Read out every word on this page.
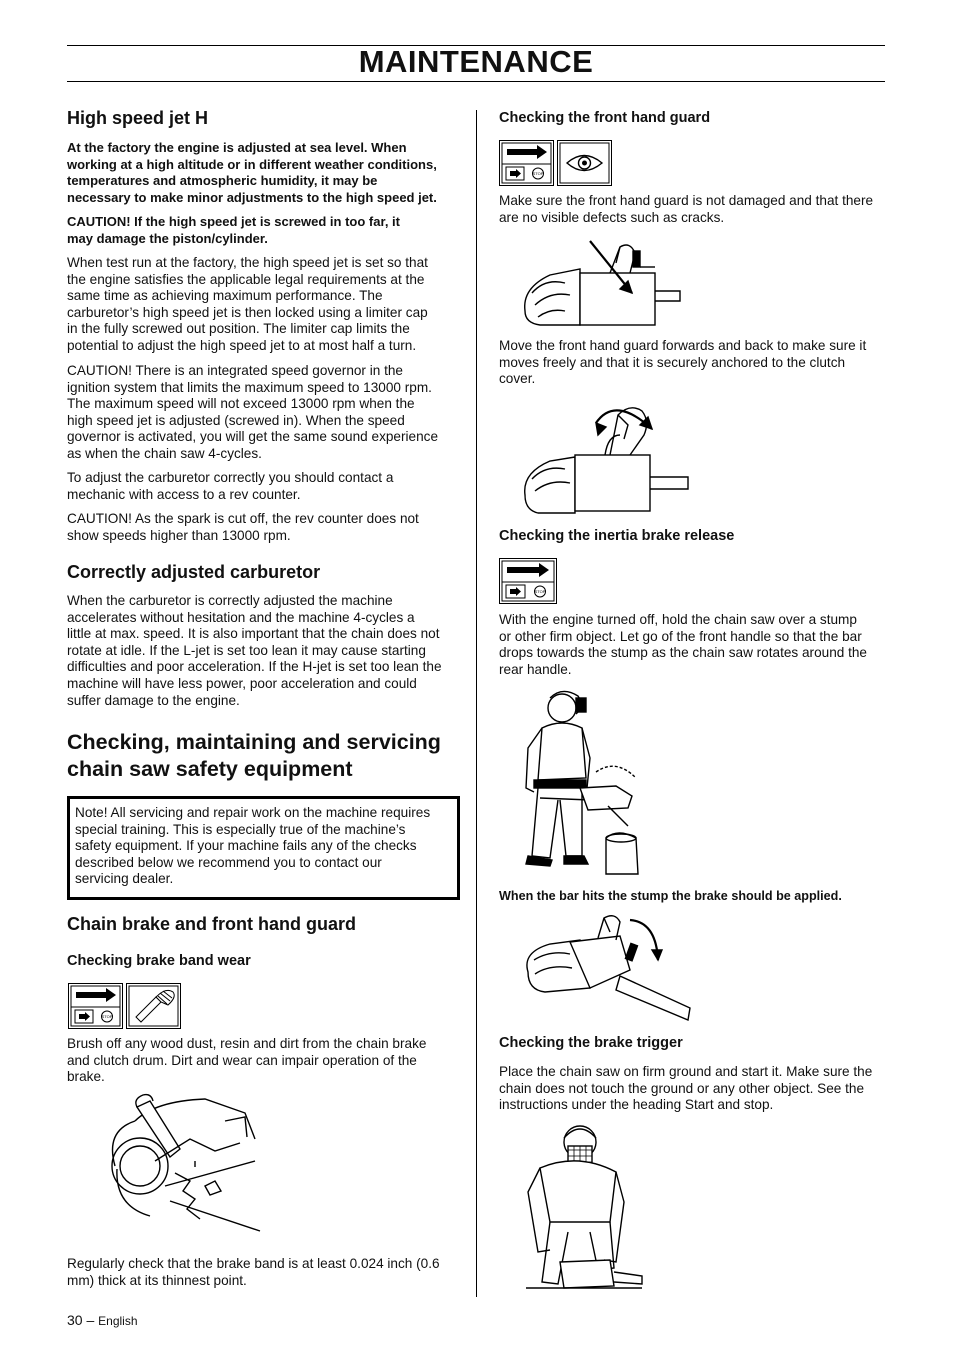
MAINTENANCE
High speed jet H
At the factory the engine is adjusted at sea level. When
working at a high altitude or in different weather conditions,
temperatures and atmospheric humidity, it may be
necessary to make minor adjustments to the high speed jet.
CAUTION! If the high speed jet is screwed in too far, it
may damage the piston/cylinder.
When test run at the factory, the high speed jet is set so that
the engine satisfies the applicable legal requirements at the
same time as achieving maximum performance. The
carburetor’s high speed jet is then locked using a limiter cap
in the fully screwed out position. The limiter cap limits the
potential to adjust the high speed jet to at most half a turn.
CAUTION! There is an integrated speed governor in the
ignition system that limits the maximum speed to 13000 rpm.
The maximum speed will not exceed 13000 rpm when the
high speed jet is adjusted (screwed in). When the speed
governor is activated, you will get the same sound experience
as when the chain saw 4-cycles.
To adjust the carburetor correctly you should contact a
mechanic with access to a rev counter.
CAUTION! As the spark is cut off, the rev counter does not
show speeds higher than 13000 rpm.
Correctly adjusted carburetor
When the carburetor is correctly adjusted the machine
accelerates without hesitation and the machine 4-cycles a
little at max. speed. It is also important that the chain does not
rotate at idle. If the L-jet is set too lean it may cause starting
difficulties and poor acceleration. If the H-jet is set too lean the
machine will have less power, poor acceleration and could
suffer damage to the engine.
Checking, maintaining and servicing
chain saw safety equipment
Note! All servicing and repair work on the machine requires
special training. This is especially true of the machine’s
safety equipment. If your machine fails any of the checks
described below we recommend you to contact our
servicing dealer.
Chain brake and front hand guard
Checking brake band wear
STOP
Brush off any wood dust, resin and dirt from the chain brake
and clutch drum. Dirt and wear can impair operation of the
brake.
Regularly check that the brake band is at least 0.024 inch (0.6
mm) thick at its thinnest point.
30 – English
Checking the front hand guard
STOP
Make sure the front hand guard is not damaged and that there
are no visible defects such as cracks.
Move the front hand guard forwards and back to make sure it
moves freely and that it is securely anchored to the clutch
cover.
Checking the inertia brake release
STOP
With the engine turned off, hold the chain saw over a stump
or other firm object. Let go of the front handle so that the bar
drops towards the stump as the chain saw rotates around the
rear handle.
When the bar hits the stump the brake should be applied.
Checking the brake trigger
Place the chain saw on firm ground and start it. Make sure the
chain does not touch the ground or any other object. See the
instructions under the heading Start and stop.
